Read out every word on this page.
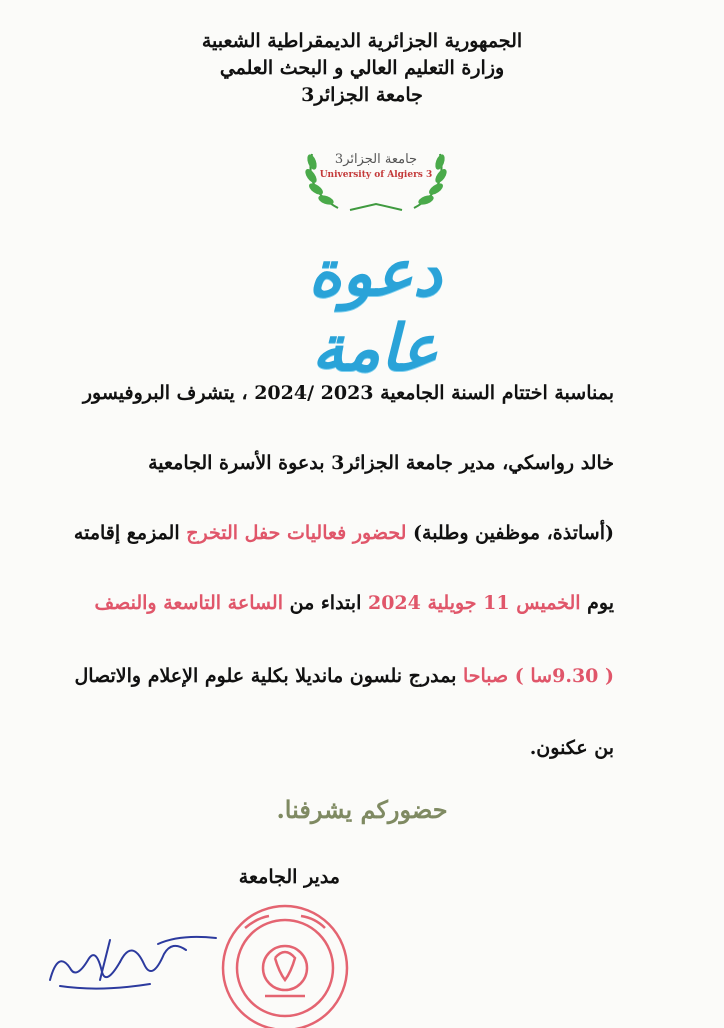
الجمهورية الجزائرية الديمقراطية الشعبية
وزارة التعليم العالي و البحث العلمي
جامعة الجزائر3
جامعة الجزائر3
University of Algiers 3
دعوة عامة
بمناسبة اختتام السنة الجامعية 2023 /2024 ، يتشرف البروفيسور
خالد رواسكي، مدير جامعة الجزائر3 بدعوة الأسرة الجامعية
(أساتذة، موظفين وطلبة) لحضور فعاليات حفل التخرج المزمع إقامته
يوم الخميس 11 جويلية 2024 ابتداء من الساعة التاسعة والنصف
( 9.30سا ) صباحا بمدرج نلسون مانديلا بكلية علوم الإعلام والاتصال
بن عكنون.
حضوركم يشرفنا.
مدير الجامعة
